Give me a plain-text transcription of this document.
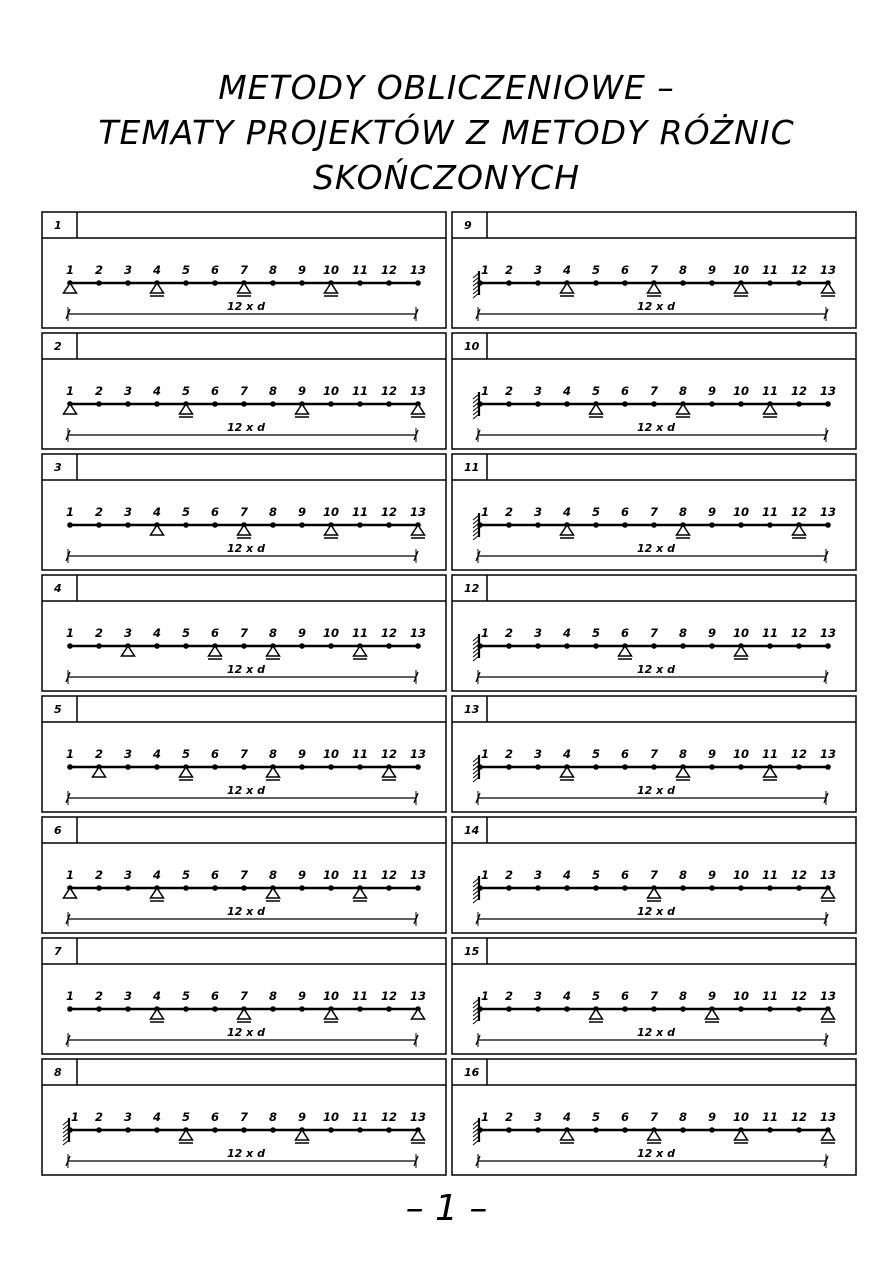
METODY OBLICZENIOWE –
TEMATY PROJEKTÓW Z METODY RÓŻNIC
SKOŃCZONYCH
1
1 2 3 4 5 6 7 8 9 10 11 12 13
12 x d
2
1 2 3 4 5 6 7 8 9 10 11 12 13
12 x d
3
1 2 3 4 5 6 7 8 9 10 11 12 13
12 x d
4
1 2 3 4 5 6 7 8 9 10 11 12 13
12 x d
5
1 2 3 4 5 6 7 8 9 10 11 12 13
12 x d
6
1 2 3 4 5 6 7 8 9 10 11 12 13
12 x d
7
1 2 3 4 5 6 7 8 9 10 11 12 13
12 x d
8
1 2 3 4 5 6 7 8 9 10 11 12 13
12 x d
9
1 2 3 4 5 6 7 8 9 10 11 12 13
12 x d
10
1 2 3 4 5 6 7 8 9 10 11 12 13
12 x d
11
1 2 3 4 5 6 7 8 9 10 11 12 13
12 x d
12
1 2 3 4 5 6 7 8 9 10 11 12 13
12 x d
13
1 2 3 4 5 6 7 8 9 10 11 12 13
12 x d
14
1 2 3 4 5 6 7 8 9 10 11 12 13
12 x d
15
1 2 3 4 5 6 7 8 9 10 11 12 13
12 x d
16
1 2 3 4 5 6 7 8 9 10 11 12 13
12 x d
– 1 –
